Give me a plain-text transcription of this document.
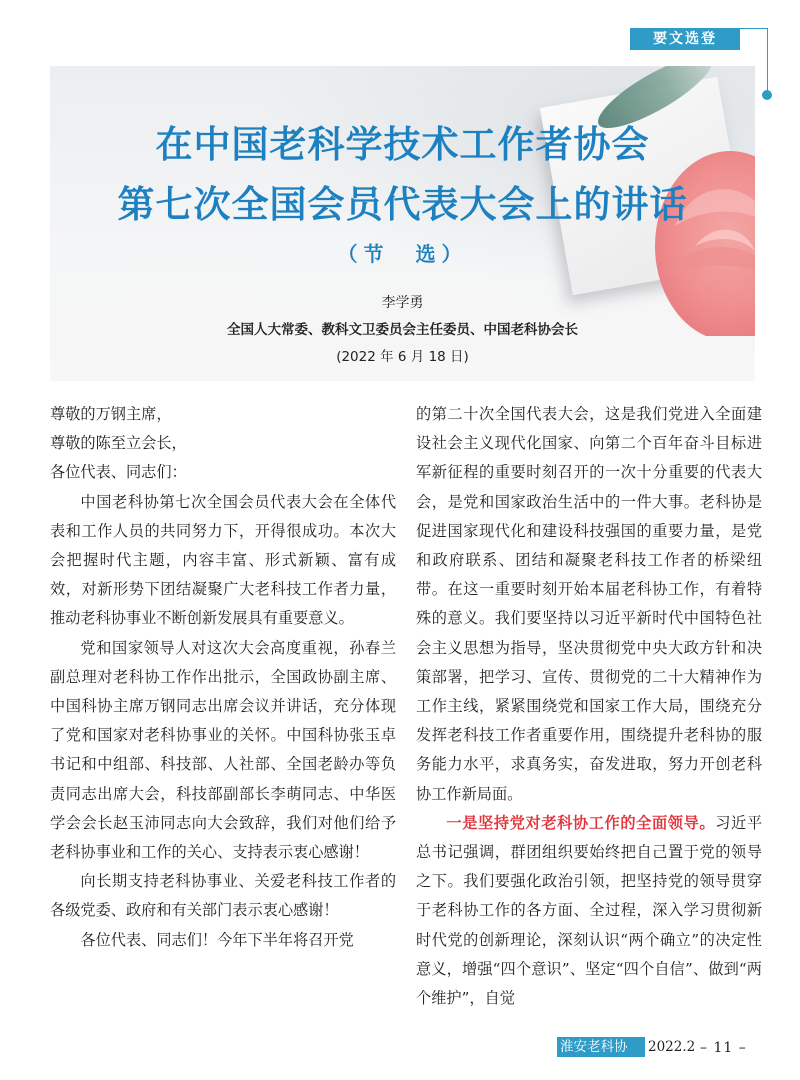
要文选登
在中国老科学技术工作者协会
第七次全国会员代表大会上的讲话
（节　选）
李学勇
全国人大常委、教科文卫委员会主任委员、中国老科协会长
(2022 年 6 月 18 日)

尊敬的万钢主席，

尊敬的陈至立会长，

各位代表、同志们：

中国老科协第七次全国会员代表大会在全体代表和工作人员的共同努力下，开得很成功。本次大会把握时代主题，内容丰富、形式新颖、富有成效，对新形势下团结凝聚广大老科技工作者力量，推动老科协事业不断创新发展具有重要意义。

党和国家领导人对这次大会高度重视，孙春兰副总理对老科协工作作出批示，全国政协副主席、中国科协主席万钢同志出席会议并讲话，充分体现了党和国家对老科协事业的关怀。中国科协张玉卓书记和中组部、科技部、人社部、全国老龄办等负责同志出席大会，科技部副部长李萌同志、中华医学会会长赵玉沛同志向大会致辞，我们对他们给予老科协事业和工作的关心、支持表示衷心感谢！

向长期支持老科协事业、关爱老科技工作者的各级党委、政府和有关部门表示衷心感谢！

各位代表、同志们！今年下半年将召开党

的第二十次全国代表大会，这是我们党进入全面建设社会主义现代化国家、向第二个百年奋斗目标进军新征程的重要时刻召开的一次十分重要的代表大会，是党和国家政治生活中的一件大事。老科协是促进国家现代化和建设科技强国的重要力量，是党和政府联系、团结和凝聚老科技工作者的桥梁纽带。在这一重要时刻开始本届老科协工作，有着特殊的意义。我们要坚持以习近平新时代中国特色社会主义思想为指导，坚决贯彻党中央大政方针和决策部署，把学习、宣传、贯彻党的二十大精神作为工作主线，紧紧围绕党和国家工作大局，围绕充分发挥老科技工作者重要作用，围绕提升老科协的服务能力水平，求真务实，奋发进取，努力开创老科协工作新局面。

一是坚持党对老科协工作的全面领导。习近平总书记强调，群团组织要始终把自己置于党的领导之下。我们要强化政治引领，把坚持党的领导贯穿于老科协工作的各方面、全过程，深入学习贯彻新时代党的创新理论，深刻认识“两个确立”的决定性意义，增强“四个意识”、坚定“四个自信”、做到“两个维护”，自觉

淮安老科协 2022.2 – 11 –
